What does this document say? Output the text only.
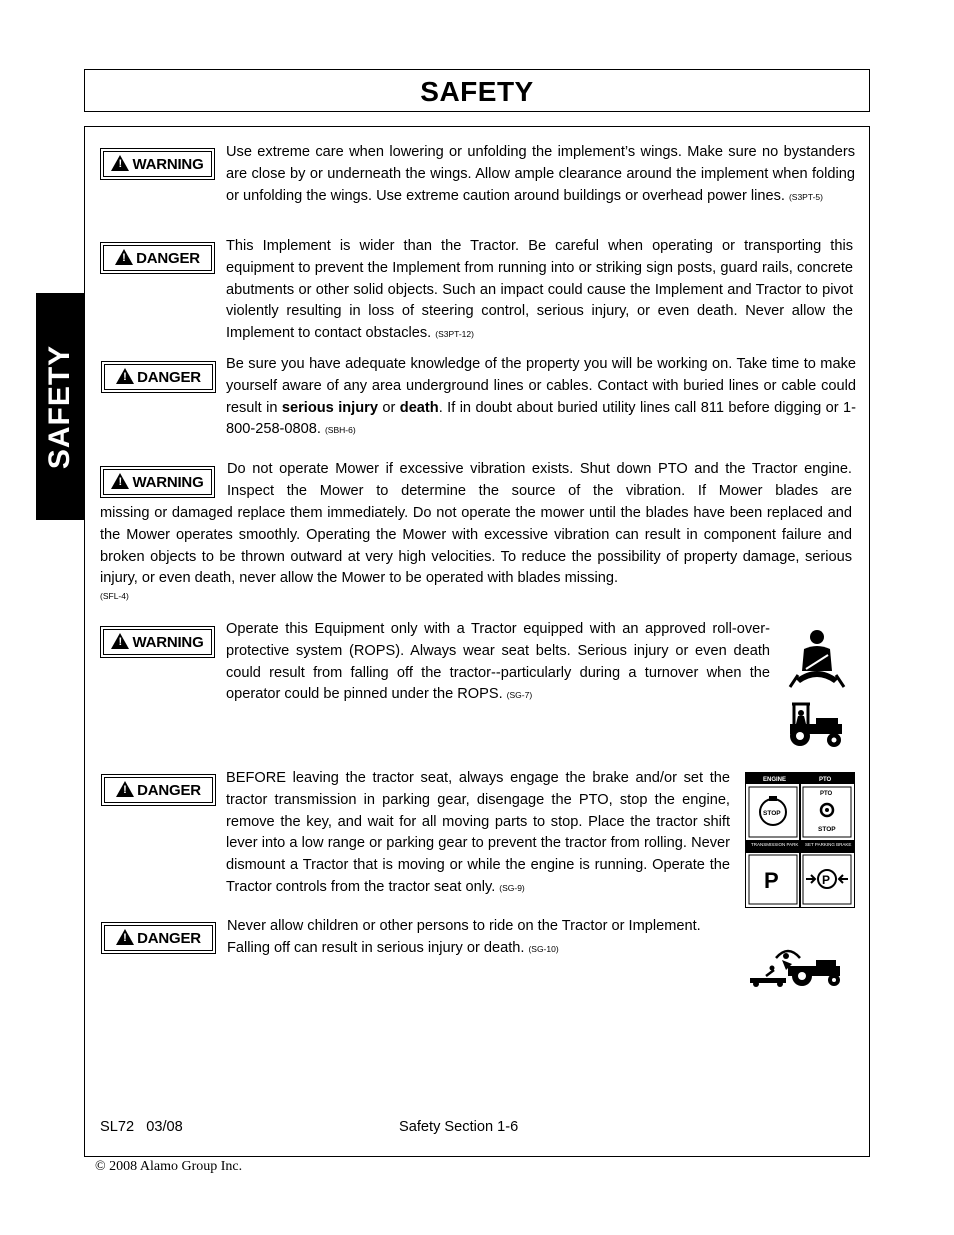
SAFETY
SAFETY
! WARNING
Use extreme care when lowering or unfolding the implement’s wings. Make sure no bystanders are close by or underneath the wings. Allow ample clearance around the implement when folding or unfolding the wings. Use extreme caution around buildings or overhead power lines. (S3PT-5)
! DANGER
This Implement is wider than the Tractor. Be careful when operating or transporting this equipment to prevent the Implement from running into or striking sign posts, guard rails, concrete abutments or other solid objects. Such an impact could cause the Implement and Tractor to pivot violently resulting in loss of steering control, serious injury, or even death. Never allow the Implement to contact obstacles. (S3PT-12)
! DANGER
Be sure you have adequate knowledge of the property you will be working on. Take time to make yourself aware of any area underground lines or cables. Contact with buried lines or cable could result in serious injury or death. If in doubt about buried utility lines call 811 before digging or 1-800-258-0808. (SBH-6)
! WARNING
Do not operate Mower if excessive vibration exists. Shut down PTO and the Tractor engine. Inspect the Mower to determine the source of the vibration. If Mower blades are
missing or damaged replace them immediately. Do not operate the mower until the blades have been replaced and the Mower operates smoothly. Operating the Mower with excessive vibration can result in component failure and broken objects to be thrown outward at very high velocities. To reduce the possibility of property damage, serious injury, or even death, never allow the Mower to be operated with blades missing.
(SFL-4)
! WARNING
Operate this Equipment only with a Tractor equipped with an approved roll-over-protective system (ROPS). Always wear seat belts. Serious injury or even death could result from falling off the tractor--particularly during a turnover when the operator could be pinned under the ROPS. (SG-7)
! DANGER
BEFORE leaving the tractor seat, always engage the brake and/or set the tractor transmission in parking gear, disengage the PTO, stop the engine, remove the key, and wait for all moving parts to stop. Place the tractor shift lever into a low range or parking gear to prevent the tractor from rolling. Never dismount a Tractor that is moving or while the engine is running. Operate the Tractor controls from the tractor seat only. (SG-9)
ENGINE	PTO
STOP
PTO
STOP
TRANSMISSION PARK SET PARKING BRAKE
P	P
! DANGER
Never allow children or other persons to ride on the Tractor or Implement. Falling off can result in serious injury or death. (SG-10)
SL72   03/08	Safety Section 1-6
© 2008 Alamo Group Inc.
